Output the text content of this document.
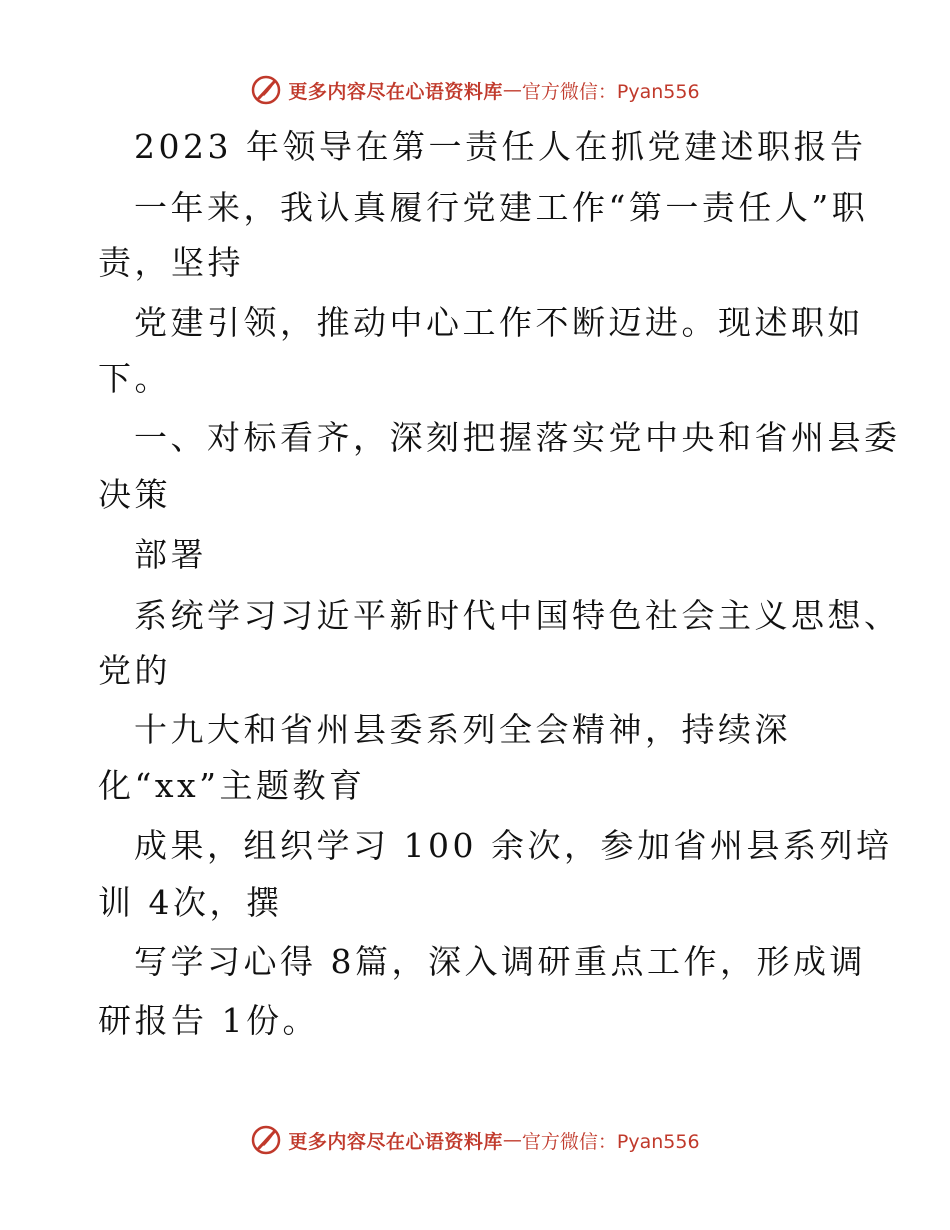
更多内容尽在心语资料库 — 官方微信：Pyan556
2023 年领导在第一责任人在抓党建述职报告
一年来，我认真履行党建工作“第一责任人”职
责，坚持
党建引领，推动中心工作不断迈进。现述职如
下。
一、对标看齐，深刻把握落实党中央和省州县委
决策
部署
系统学习习近平新时代中国特色社会主义思想、
党的
十九大和省州县委系列全会精神，持续深
化“xx”主题教育
成果，组织学习 100 余次，参加省州县系列培
训 4次，撰
写学习心得 8篇，深入调研重点工作，形成调
研报告 1份。
更多内容尽在心语资料库 — 官方微信：Pyan556
